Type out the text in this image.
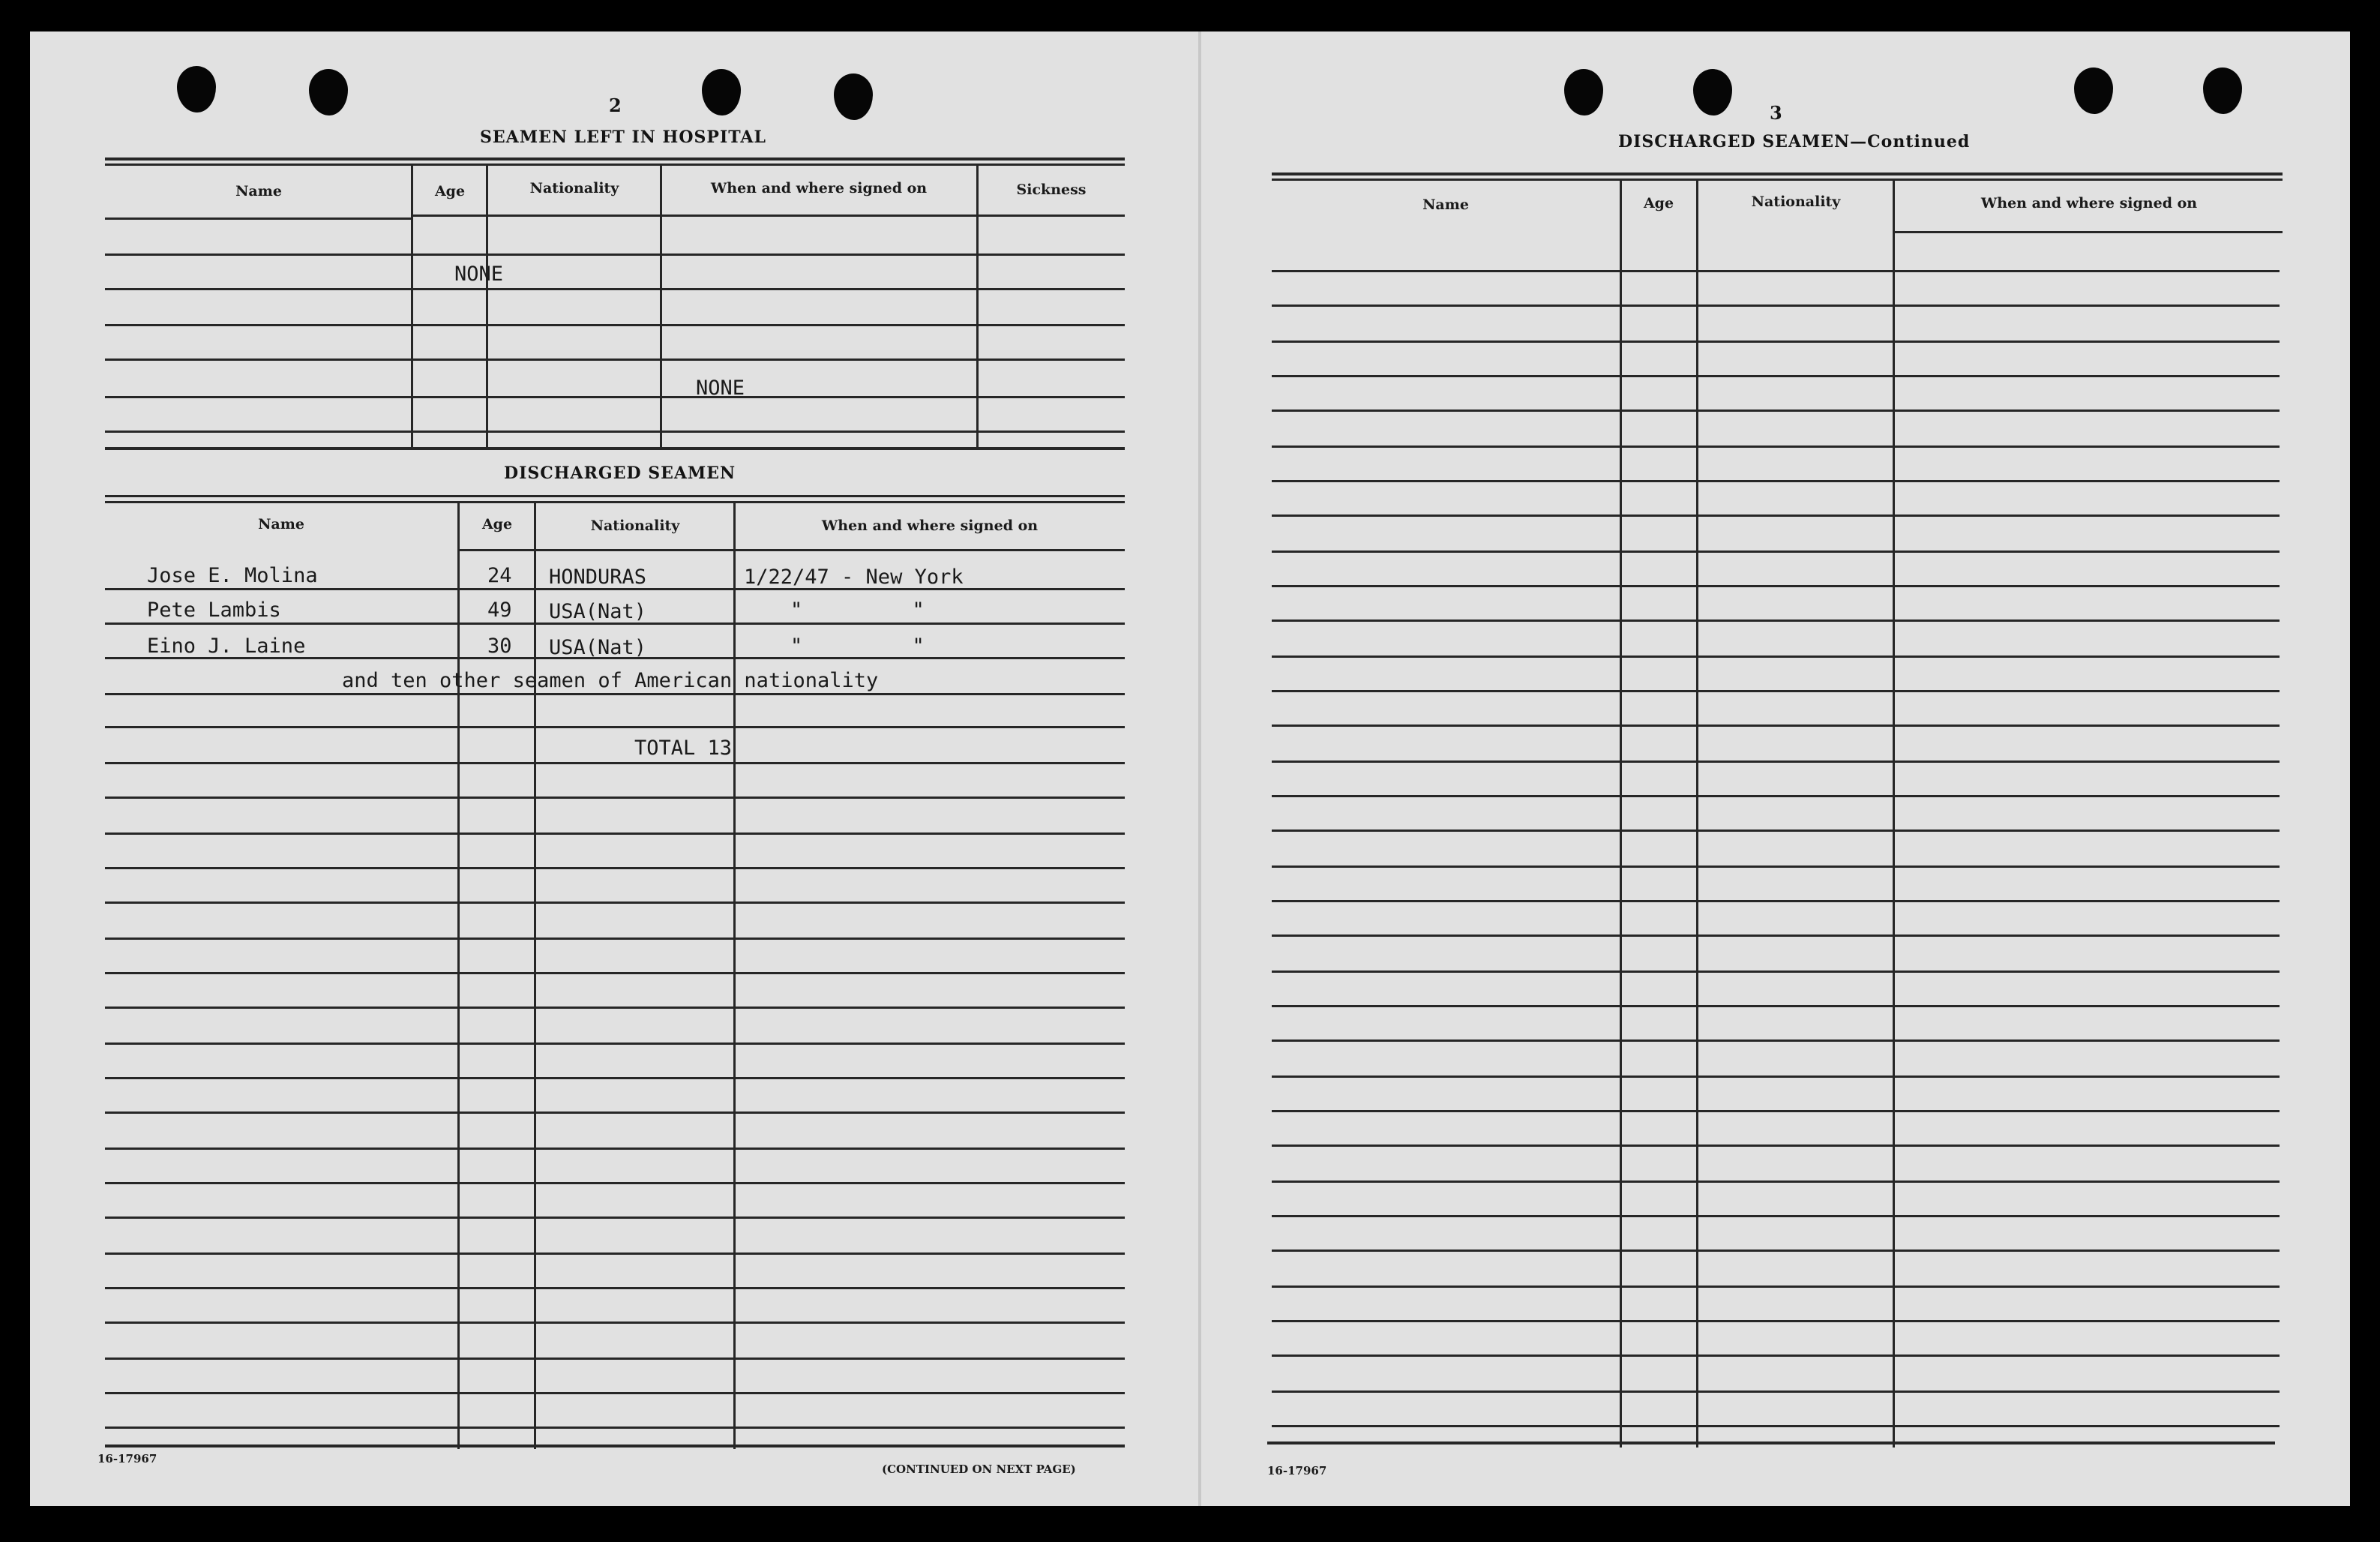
2
SEAMEN LEFT IN HOSPITAL
Name	Age	Nationality	When and where signed on	Sickness
NONE
NONE
DISCHARGED SEAMEN
Name	Age	Nationality	When and where signed on
Jose E. Molina	24 HONDURAS	1/22/47 - New York
Pete Lambis	49 USA(Nat)	"         "
Eino J. Laine	30 USA(Nat)	"         "
and ten other seamen of American nationality
TOTAL 13
16-17967
(CONTINUED ON NEXT PAGE)
3
DISCHARGED SEAMEN—Continued
Name	Age	Nationality	When and where signed on
16-17967
